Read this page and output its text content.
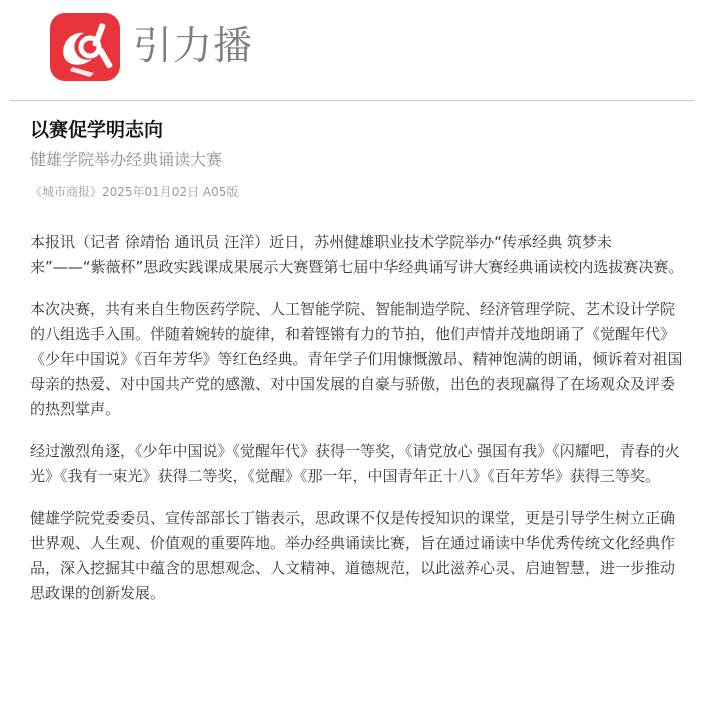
引力播
以赛促学明志向
健雄学院举办经典诵读大赛
《城市商报》2025年01月02日 A05版

本报讯（记者 徐靖怡 通讯员 汪洋）近日，苏州健雄职业技术学院举办“传承经典 筑梦未来”——“紫薇杯”思政实践课成果展示大赛暨第七届中华经典诵写讲大赛经典诵读校内选拔赛决赛。

本次决赛，共有来自生物医药学院、人工智能学院、智能制造学院、经济管理学院、艺术设计学院的八组选手入围。伴随着婉转的旋律，和着铿锵有力的节拍，他们声情并茂地朗诵了《觉醒年代》《少年中国说》《百年芳华》等红色经典。青年学子们用慷慨激昂、精神饱满的朗诵，倾诉着对祖国母亲的热爱、对中国共产党的感激、对中国发展的自豪与骄傲，出色的表现赢得了在场观众及评委的热烈掌声。

经过激烈角逐，《少年中国说》《觉醒年代》获得一等奖，《请党放心 强国有我》《闪耀吧，青春的火光》《我有一束光》获得二等奖，《觉醒》《那一年，中国青年正十八》《百年芳华》获得三等奖。

健雄学院党委委员、宣传部部长丁锴表示，思政课不仅是传授知识的课堂，更是引导学生树立正确世界观、人生观、价值观的重要阵地。举办经典诵读比赛，旨在通过诵读中华优秀传统文化经典作品，深入挖掘其中蕴含的思想观念、人文精神、道德规范，以此滋养心灵、启迪智慧，进一步推动思政课的创新发展。
